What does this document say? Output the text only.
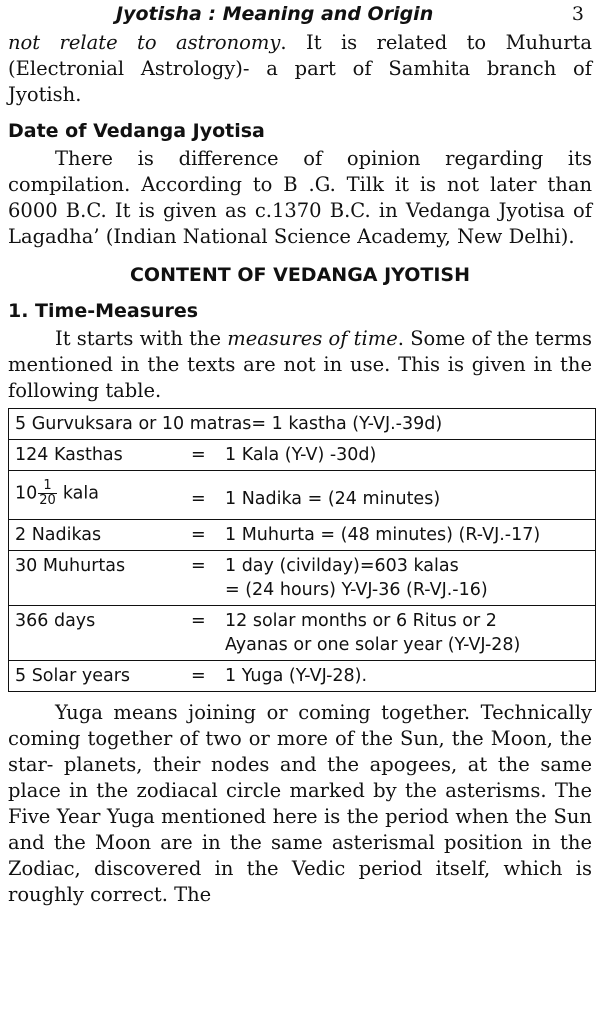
Jyotisha : Meaning and Origin	3

not relate to astronomy. It is related to Muhurta (Electronial Astrology)- a part of Samhita branch of Jyotish.

Date of Vedanga Jyotisa

There is difference of opinion regarding its compilation. According to B .G. Tilk it is not later than 6000 B.C. It is given as c.1370 B.C. in Vedanga Jyotisa of Lagadha’ (Indian National Science Academy, New Delhi).

CONTENT OF VEDANGA JYOTISH
1. Time-Measures

It starts with the measures of time. Some of the terms mentioned in the texts are not in use. This is given in the following table.

5 Gurvuksara or 10 matras= 1 kastha (Y-VJ.-39d)
124 Kasthas	=	1 Kala (Y-V) -30d)
$10 \frac{1}{20}$ kala	=	1 Nadika = (24 minutes)
2 Nadikas	=	1 Muhurta = (48 minutes) (R-VJ.-17)
30 Muhurtas	=	1 day (civilday)=603 kalas
= (24 hours) Y-VJ-36 (R-VJ.-16)
366 days	=	12 solar months or 6 Ritus or 2
Ayanas or one solar year (Y-VJ-28)
5 Solar years	=	1 Yuga (Y-VJ-28).

Yuga means joining or coming together. Technically coming together of two or more of the Sun, the Moon, the star- planets, their nodes and the apogees, at the same place in the zodiacal circle marked by the asterisms. The Five Year Yuga mentioned here is the period when the Sun and the Moon are in the same asterismal position in the Zodiac, discovered in the Vedic period itself, which is roughly correct. The
